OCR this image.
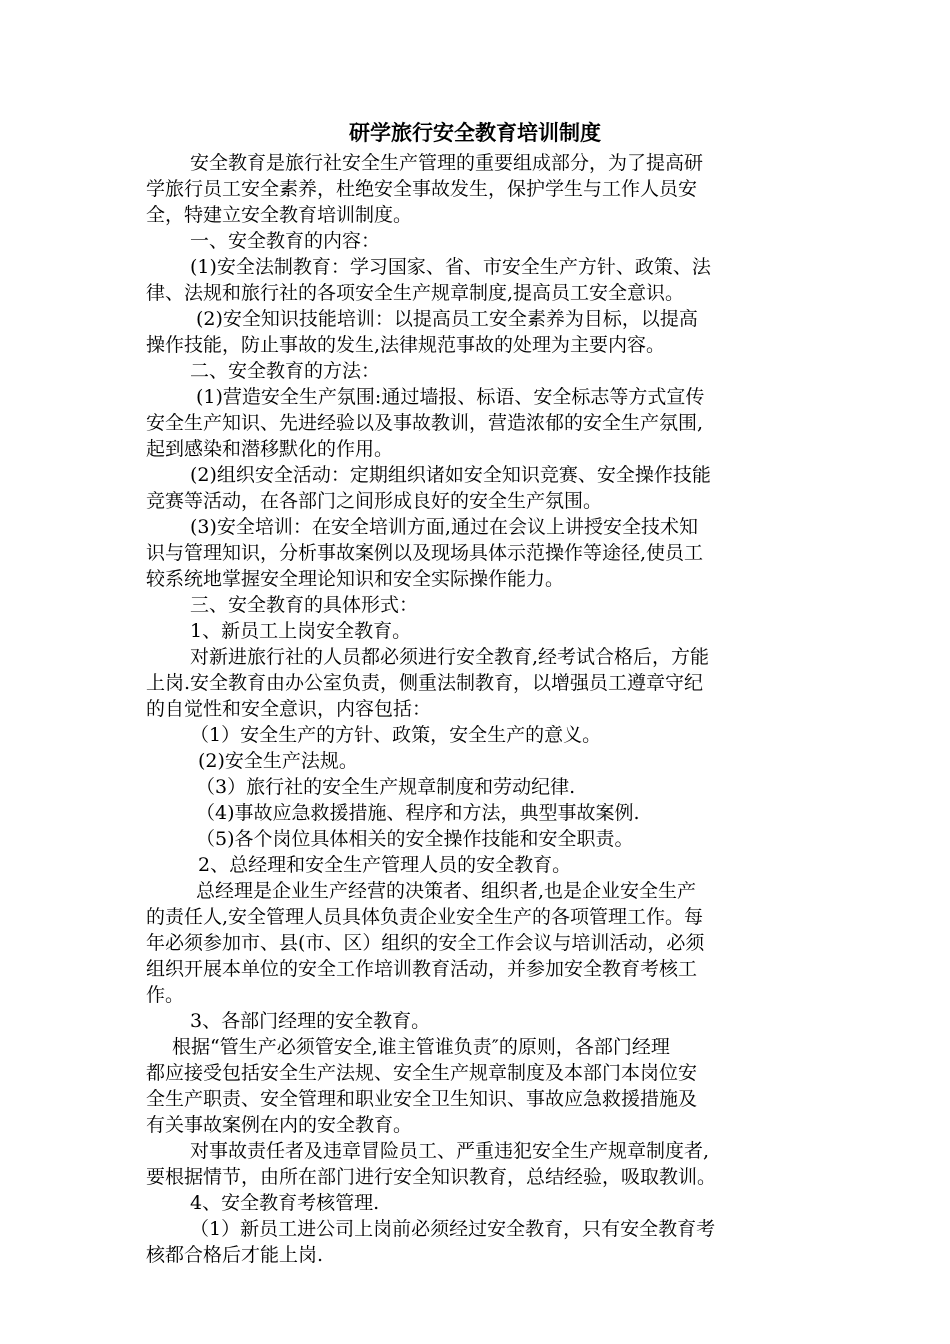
研学旅行安全教育培训制度
安全教育是旅行社安全生产管理的重要组成部分，为了提高研
学旅行员工安全素养，杜绝安全事故发生，保护学生与工作人员安
全，特建立安全教育培训制度。
一、安全教育的内容：
(1)安全法制教育：学习国家、省、市安全生产方针、政策、法
律、法规和旅行社的各项安全生产规章制度,提高员工安全意识。
(2)安全知识技能培训：以提高员工安全素养为目标，以提高
操作技能，防止事故的发生,法律规范事故的处理为主要内容。
二、安全教育的方法：
(1)营造安全生产氛围:通过墙报、标语、安全标志等方式宣传
安全生产知识、先进经验以及事故教训，营造浓郁的安全生产氛围,
起到感染和潜移默化的作用。
(2)组织安全活动：定期组织诸如安全知识竞赛、安全操作技能
竞赛等活动，在各部门之间形成良好的安全生产氛围。
(3)安全培训：在安全培训方面,通过在会议上讲授安全技术知
识与管理知识，分析事故案例以及现场具体示范操作等途径,使员工
较系统地掌握安全理论知识和安全实际操作能力。
三、安全教育的具体形式：
1、新员工上岗安全教育。
对新进旅行社的人员都必须进行安全教育,经考试合格后，方能
上岗.安全教育由办公室负责，侧重法制教育，以增强员工遵章守纪
的自觉性和安全意识，内容包括：
（1）安全生产的方针、政策，安全生产的意义。
(2)安全生产法规。
（3）旅行社的安全生产规章制度和劳动纪律.
（4)事故应急救援措施、程序和方法，典型事故案例.
（5)各个岗位具体相关的安全操作技能和安全职责。
2、总经理和安全生产管理人员的安全教育。
总经理是企业生产经营的决策者、组织者,也是企业安全生产
的责任人,安全管理人员具体负责企业安全生产的各项管理工作。每
年必须参加市、县(市、区）组织的安全工作会议与培训活动，必须
组织开展本单位的安全工作培训教育活动，并参加安全教育考核工
作。
3、各部门经理的安全教育。
根据“管生产必须管安全,谁主管谁负责″的原则，各部门经理
都应接受包括安全生产法规、安全生产规章制度及本部门本岗位安
全生产职责、安全管理和职业安全卫生知识、事故应急救援措施及
有关事故案例在内的安全教育。
对事故责任者及违章冒险员工、严重违犯安全生产规章制度者,
要根据情节，由所在部门进行安全知识教育，总结经验，吸取教训。
4、安全教育考核管理.
（1）新员工进公司上岗前必须经过安全教育，只有安全教育考
核都合格后才能上岗.
